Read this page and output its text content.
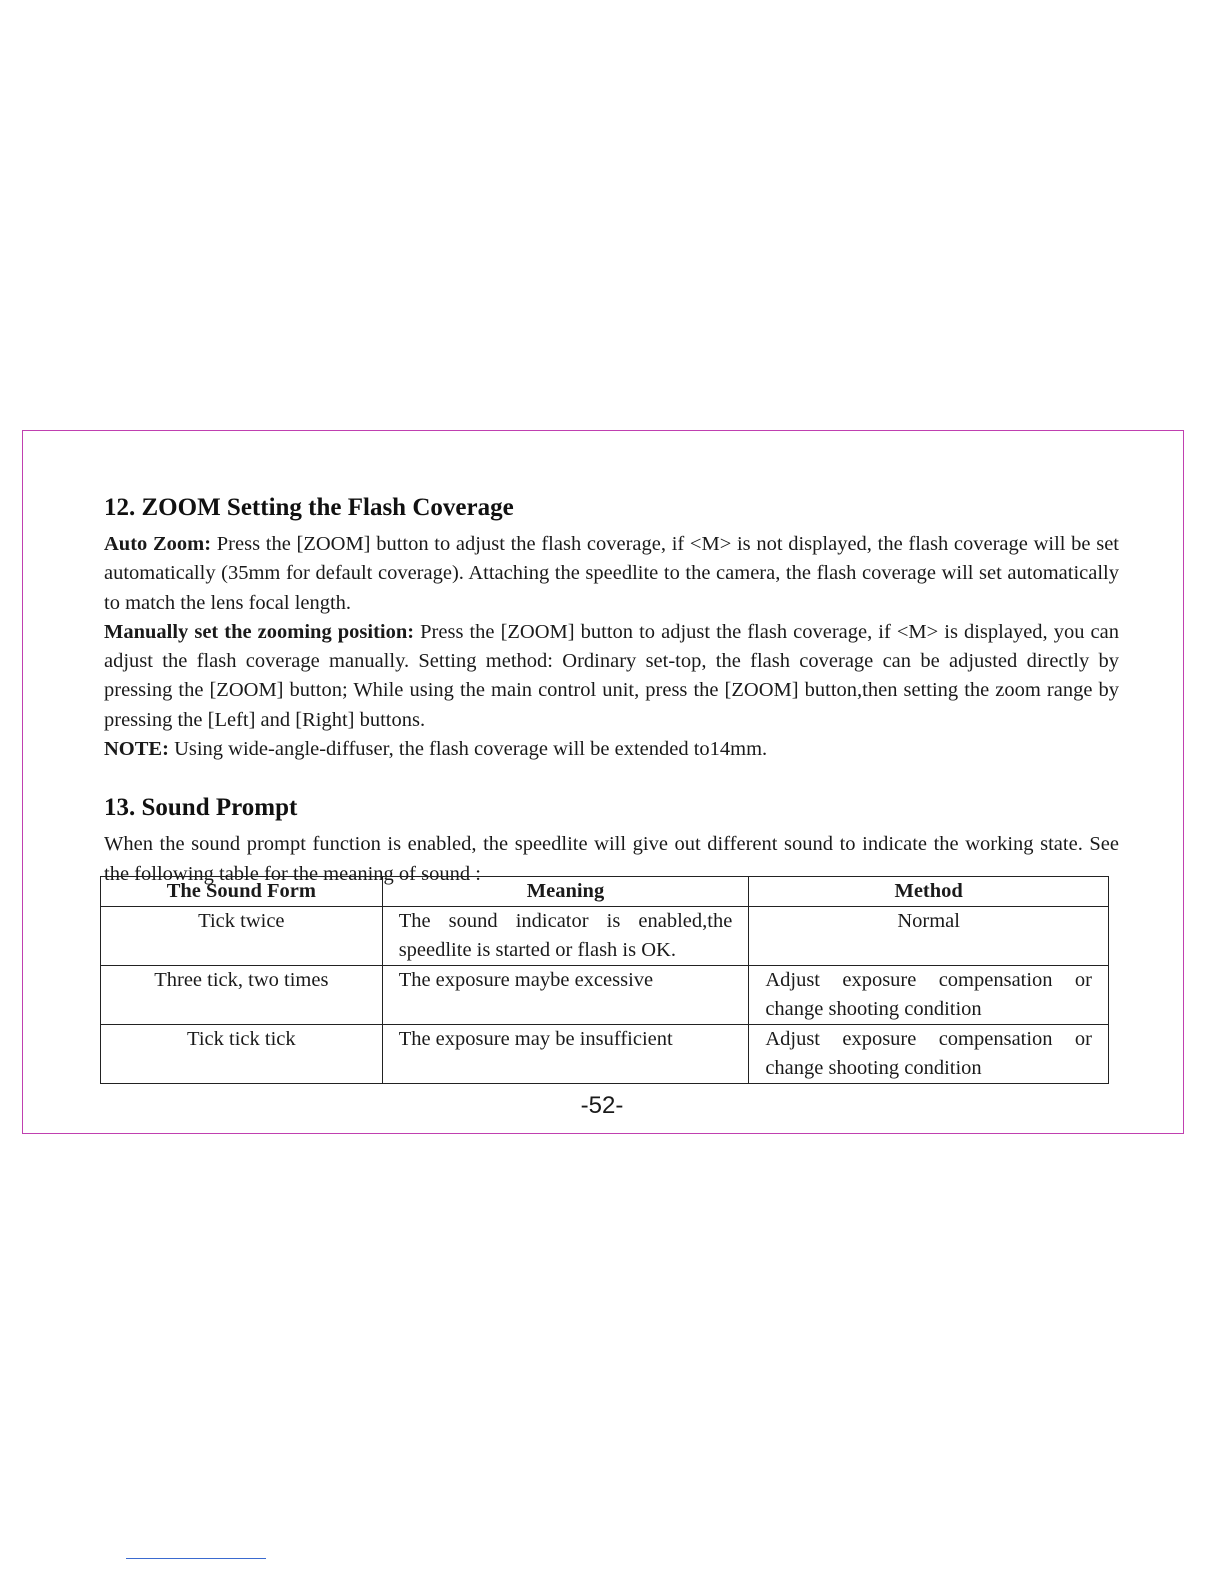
12. ZOOM Setting the Flash Coverage

Auto Zoom: Press the [ZOOM] button to adjust the flash coverage, if <M> is not displayed, the flash coverage will be set automatically (35mm for default coverage). Attaching the speedlite to the camera, the flash coverage will set automatically to match the lens focal length.

Manually set the zooming position: Press the [ZOOM] button to adjust the flash coverage, if <M> is displayed, you can adjust the flash coverage manually. Setting method: Ordinary set-top, the flash coverage can be adjusted directly by pressing the [ZOOM] button; While using the main control unit, press the [ZOOM] button,then setting the zoom range by pressing the [Left] and [Right] buttons.

NOTE: Using wide-angle-diffuser, the flash coverage will be extended to14mm.

13. Sound Prompt

When the sound prompt function is enabled, the speedlite will give out different sound to indicate the working state. See the following table for the meaning of sound :

The Sound Form	Meaning	Method
Tick twice	The sound indicator is enabled,the speedlite is started or flash is OK.	Normal
Three tick, two times	The exposure maybe excessive	Adjust exposure compensation or change shooting condition
Tick tick tick	The exposure may be insufficient	Adjust exposure compensation or change shooting condition
-52-
